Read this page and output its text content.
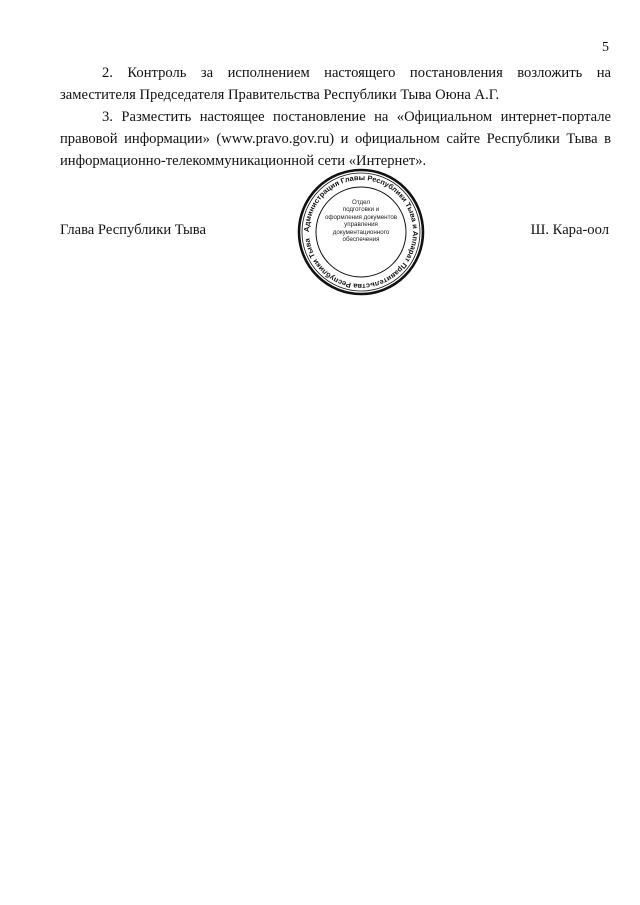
5

2. Контроль за исполнением настоящего постановления возложить на заместителя Председателя Правительства Республики Тыва Оюна А.Г.

3. Разместить настоящее постановление на «Официальном интернет-портале правовой информации» (www.pravo.gov.ru) и официальном сайте Республики Тыва в информационно-телекоммуникационной сети «Интернет».

Глава Республики Тыва	Администрация Главы Республики Тыва и Аппарат Правительства Республики Тыва
Отдел
подготовки и
оформления документов
управления
документационного
обеспечения
Ш. Кара-оол
